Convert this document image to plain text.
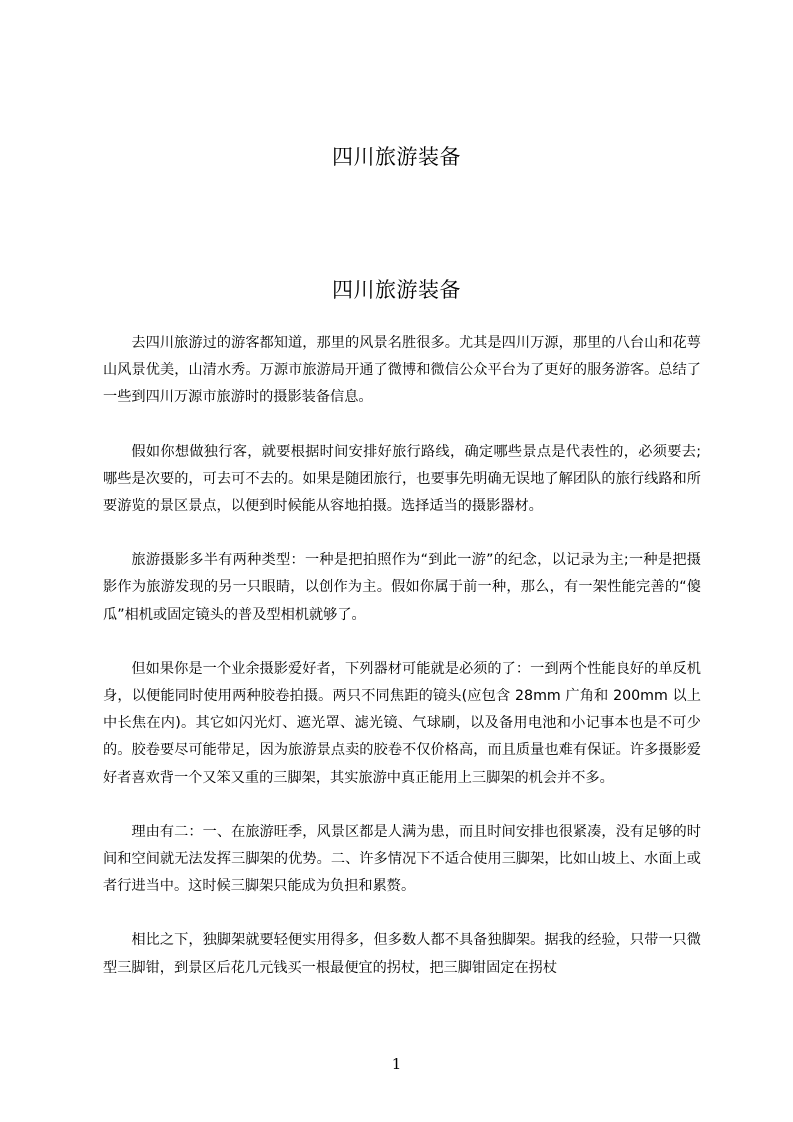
四川旅游装备
四川旅游装备

去四川旅游过的游客都知道，那里的风景名胜很多。尤其是四川万源，那里的八台山和花萼山风景优美，山清水秀。万源市旅游局开通了微博和微信公众平台为了更好的服务游客。总结了一些到四川万源市旅游时的摄影装备信息。

假如你想做独行客，就要根据时间安排好旅行路线，确定哪些景点是代表性的，必须要去;哪些是次要的，可去可不去的。如果是随团旅行，也要事先明确无误地了解团队的旅行线路和所要游览的景区景点，以便到时候能从容地拍摄。选择适当的摄影器材。

旅游摄影多半有两种类型：一种是把拍照作为“到此一游”的纪念，以记录为主;一种是把摄影作为旅游发现的另一只眼睛，以创作为主。假如你属于前一种，那么，有一架性能完善的“傻瓜”相机或固定镜头的普及型相机就够了。

但如果你是一个业余摄影爱好者，下列器材可能就是必须的了：一到两个性能良好的单反机身，以便能同时使用两种胶卷拍摄。两只不同焦距的镜头(应包含 28mm 广角和 200mm 以上中长焦在内)。其它如闪光灯、遮光罩、滤光镜、气球刷，以及备用电池和小记事本也是不可少的。胶卷要尽可能带足，因为旅游景点卖的胶卷不仅价格高，而且质量也难有保证。许多摄影爱好者喜欢背一个又笨又重的三脚架，其实旅游中真正能用上三脚架的机会并不多。

理由有二：一、在旅游旺季，风景区都是人满为患，而且时间安排也很紧凑，没有足够的时间和空间就无法发挥三脚架的优势。二、许多情况下不适合使用三脚架，比如山坡上、水面上或者行进当中。这时候三脚架只能成为负担和累赘。

相比之下，独脚架就要轻便实用得多，但多数人都不具备独脚架。据我的经验，只带一只微型三脚钳，到景区后花几元钱买一根最便宜的拐杖，把三脚钳固定在拐杖

1
